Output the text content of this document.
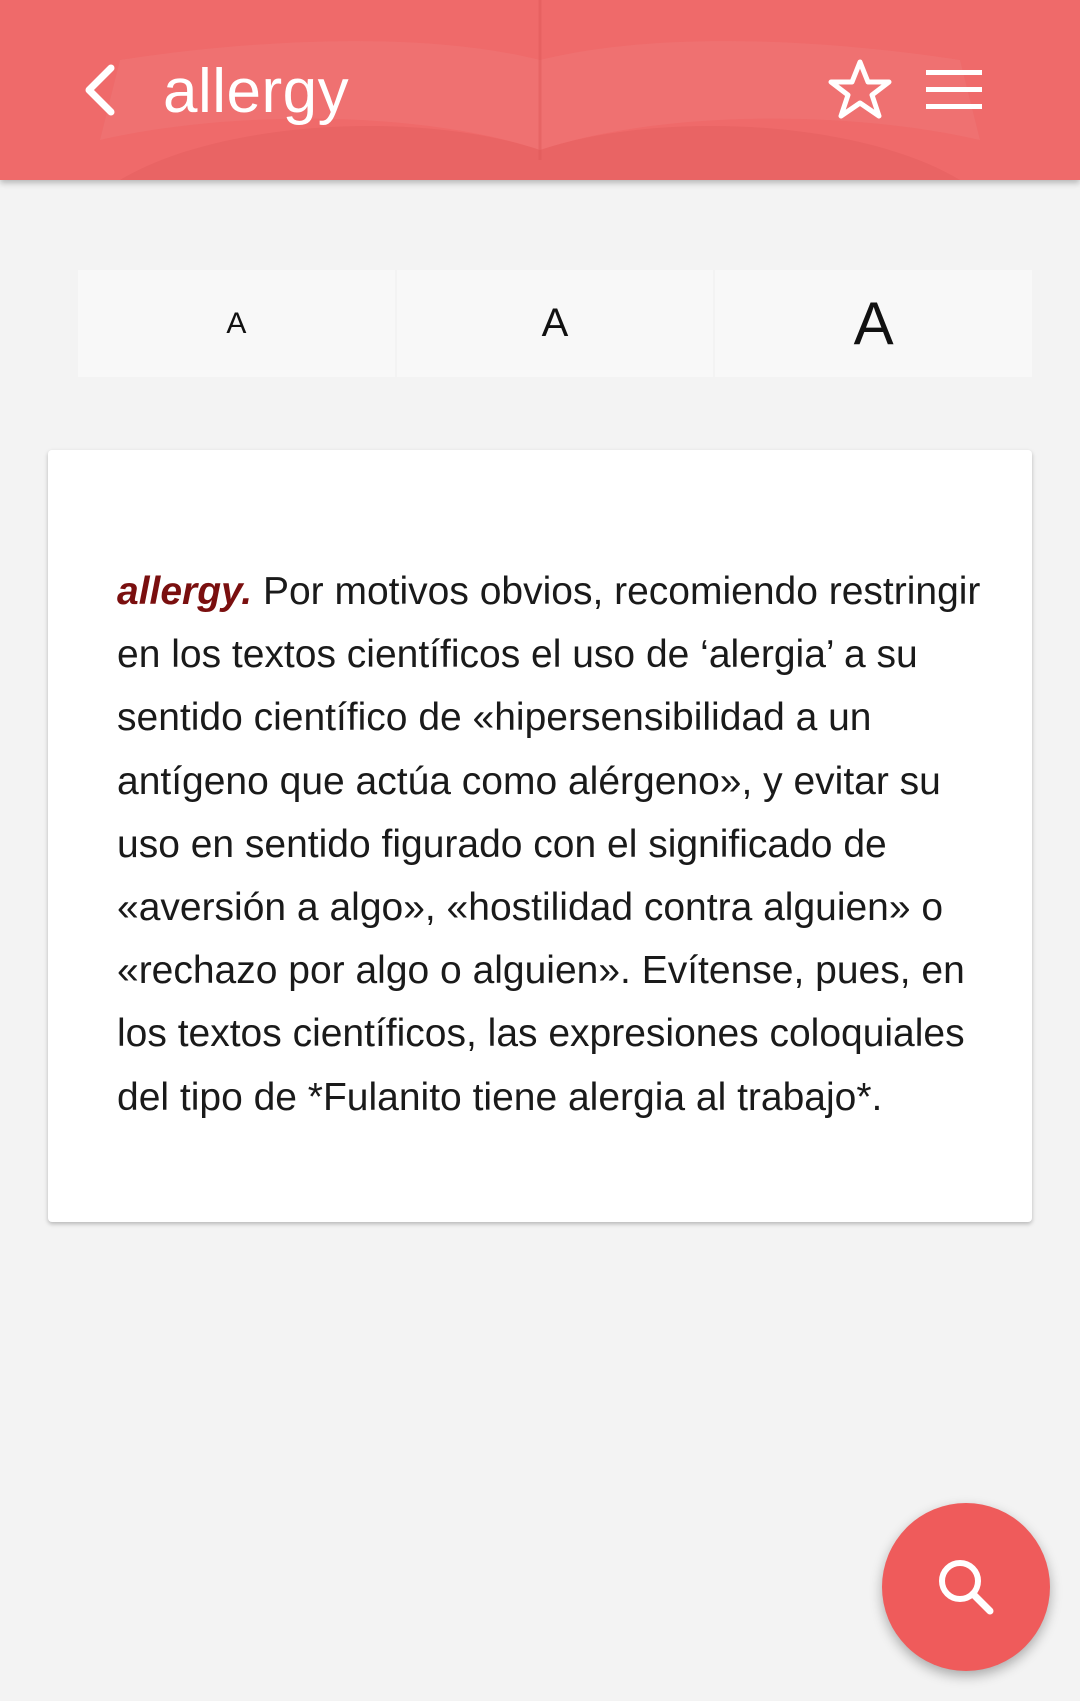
allergy
A	A	A

allergy. Por motivos obvios, recomiendo restringir en los textos científicos el uso de ‘alergia’ a su sentido científico de «hipersensibilidad a un antígeno que actúa como alérgeno», y evitar su uso en sentido figurado con el significado de «aversión a algo», «hostilidad contra alguien» o «rechazo por algo o alguien». Evítense, pues, en los textos científicos, las expresiones coloquiales del tipo de *Fulanito tiene alergia al trabajo*.
